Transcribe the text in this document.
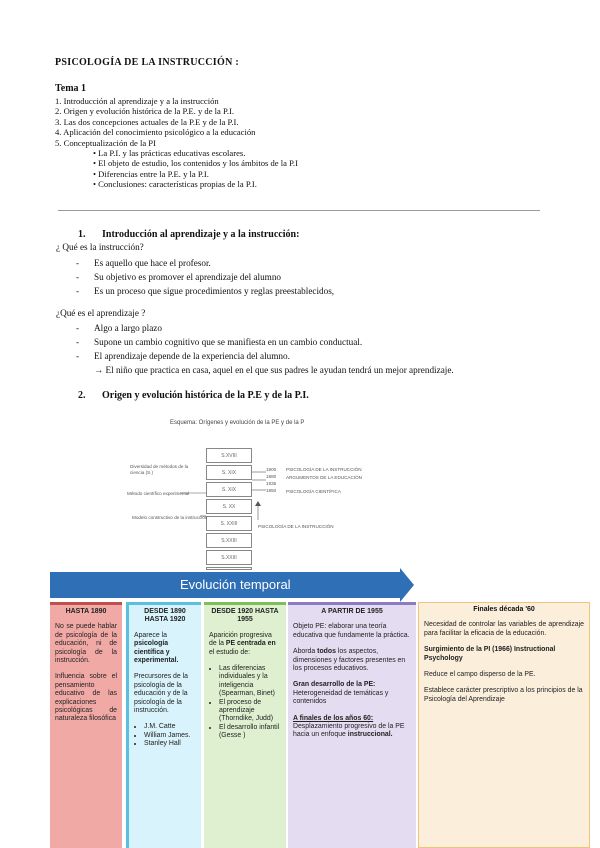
PSICOLOGÍA DE LA INSTRUCCIÓN :
Tema 1
1. Introducción al aprendizaje y a la instrucción
2. Origen y evolución histórica de la P.E. y de la P.I.
3. Las dos concepciones actuales de la P.E y de la P.I.
4. Aplicación del conocimiento psicológico a la educación
5. Conceptualización de la PI
• La P.I. y las prácticas educativas escolares.
• El objeto de estudio, los contenidos y los ámbitos de la P.I
• Diferencias entre la P.E. y la P.I.
• Conclusiones: características propias de la P.I.
1. Introducción al aprendizaje y a la instrucción:
¿ Qué es la instrucción?
- Es aquello que hace el profesor.
- Su objetivo es promover el aprendizaje del alumno
- Es un proceso que sigue procedimientos y reglas preestablecidos,
¿Qué es el aprendizaje ?
- Algo a largo plazo
- Supone un cambio cognitivo que se manifiesta en un cambio conductual.
- El aprendizaje depende de la experiencia del alumno.
→ El niño que practica en casa, aquel en el que sus padres le ayudan tendrá un mejor aprendizaje.
2. Origen y evolución histórica de la P.E y de la P.I.
Esquema: Orígenes y evolución de la PE y de la P
S.XVIII
S. XIX
S. XIX
S. XX
S. XXIII
S.XXIII
S.XXIII
Diversidad de métodos de la ciencia (S.)
Método científico experimental
Modelo constructivo de la instrucción
1900
1880
1935
1950
PSICOLOGÍA DE LA INSTRUCCIÓN
ARGUMENTOS DE LA EDUCACIÓN
PSICOLOGÍA CIENTÍFICA
PSICOLOGÍA DE LA INSTRUCCIÓN
Evolución temporal
HASTA 1890

No se puede hablar de psicología de la educación, ni de psicología de la instrucción.

Influencia sobre el pensamiento educativo de las explicaciones psicológicas de naturaleza filosófica

DESDE 1890 HASTA 1920

Aparece la psicología científica y experimental.

Precursores de la psicología de la educación y de la psicología de la instrucción.

• J.M. Catte
• William James.
• Stanley Hall
DESDE 1920 HASTA 1955

Aparición progresiva de la PE centrada en el estudio de:

• Las diferencias individuales y la inteligencia (Spearman, Binet)
• El proceso de aprendizaje (Thorndike, Judd)
• El desarrollo infantil (Gesse )
A PARTIR DE 1955

Objeto PE: elaborar una teoría educativa que fundamente la práctica.

Aborda todos los aspectos, dimensiones y factores presentes en los procesos educativos.

Gran desarrollo de la PE:
Heterogeneidad de temáticas y contenidos

A finales de los años 60:
Desplazamiento progresivo de la PE hacia un enfoque instruccional.

Finales década '60

Necesidad de controlar las variables de aprendizaje para facilitar la eficacia de la educación.

Surgimiento de la PI (1966) Instructional Psychology

Reduce el campo disperso de la PE.

Establece carácter prescriptivo a los principios de la Psicología del Aprendizaje
